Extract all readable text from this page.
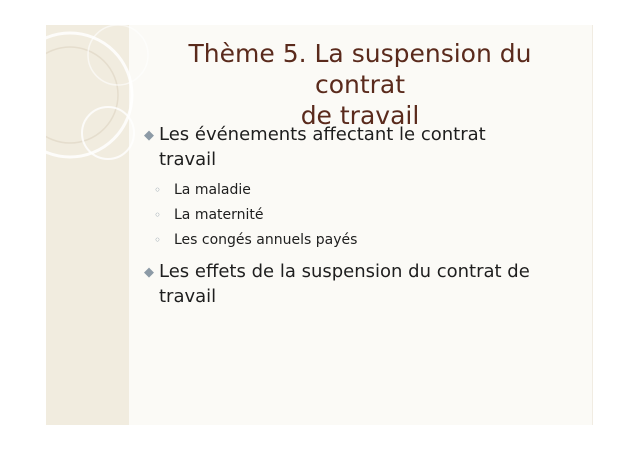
Thème 5. La suspension du contrat
de travail
◆ Les événements affectant le contrat
travail
◦ La maladie
◦ La maternité
◦ Les congés annuels payés
◆ Les effets de la suspension du contrat de
travail
